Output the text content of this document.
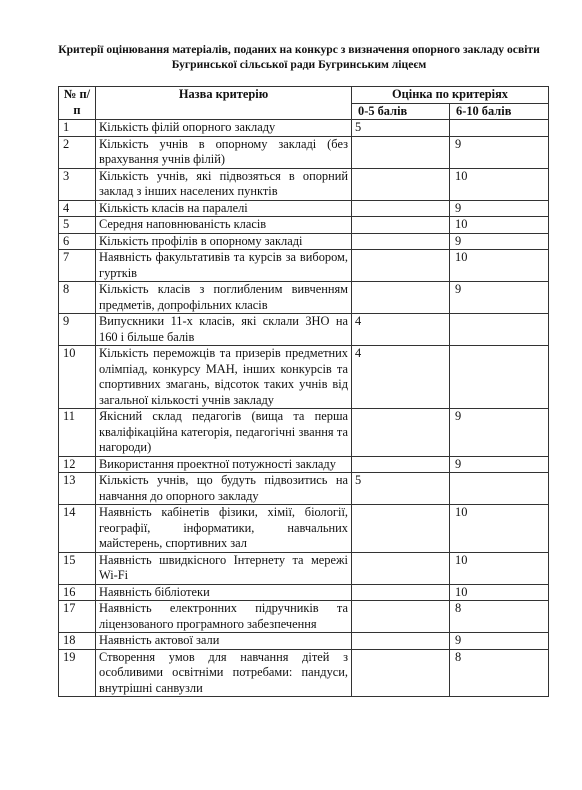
Критерії оцінювання матеріалів, поданих на конкурс з визначення опорного закладу освіти Бугринської сільської ради Бугринським ліцеєм
№ п/п	Назва критерію	Оцінка по критеріях	
		0-5 балів	6-10 балів
1	Кількість філій опорного закладу	5	
2	Кількість учнів в опорному закладі (без врахування учнів філій)		9
3	Кількість учнів, які підвозяться в опорний заклад з інших населених пунктів		10
4	Кількість класів на паралелі		9
5	Середня наповнюваність класів		10
6	Кількість профілів в опорному закладі		9
7	Наявність факультативів та курсів за вибором, гуртків		10
8	Кількість класів з поглибленим вивченням предметів, допрофільних класів		9
9	Випускники 11-х класів, які склали ЗНО на 160 і більше балів	4	
10	Кількість переможців та призерів предметних олімпіад, конкурсу МАН, інших конкурсів та спортивних змагань, відсоток таких учнів від загальної кількості учнів закладу	4	
11	Якісний склад педагогів (вища та перша кваліфікаційна категорія, педагогічні звання та нагороди)		9
12	Використання проектної потужності закладу		9
13	Кількість учнів, що будуть підвозитись на навчання до опорного закладу	5	
14	Наявність кабінетів фізики, хімії, біології, географії, інформатики, навчальних майстерень, спортивних зал		10
15	Наявність швидкісного Інтернету та мережі Wi-Fi		10
16	Наявність бібліотеки		10
17	Наявність електронних підручників та ліцензованого програмного забезпечення		8
18	Наявність актової зали		9
19	Створення умов для навчання дітей з особливими освітніми потребами: пандуси, внутрішні санвузли		8
